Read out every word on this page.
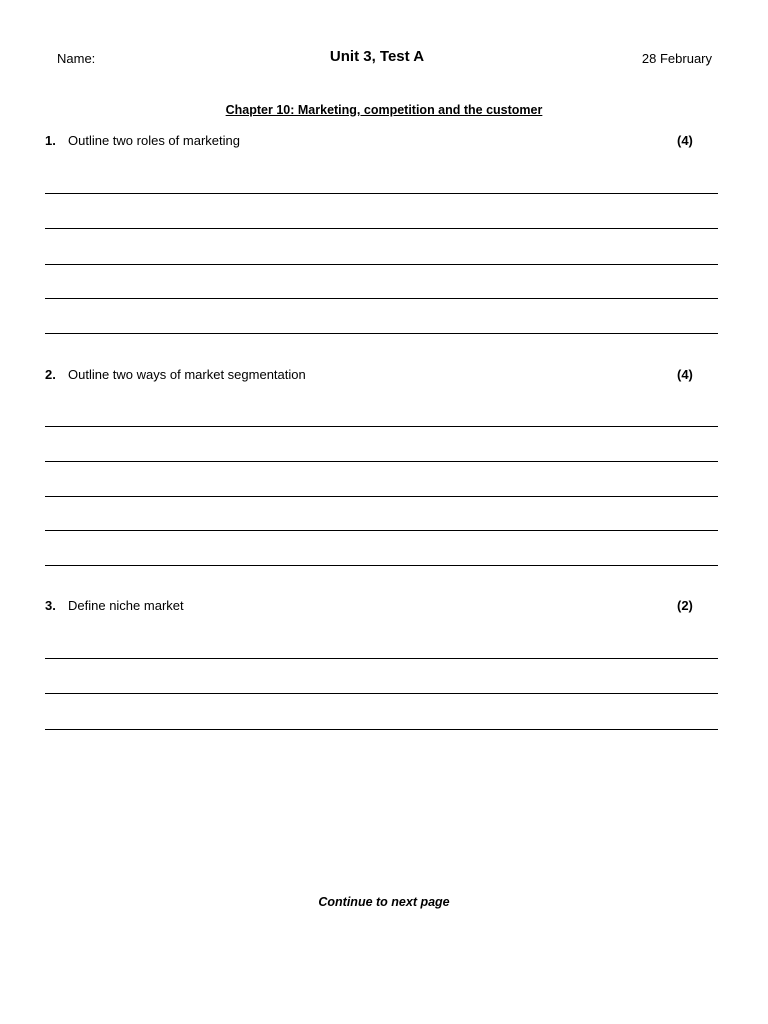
Name:	Unit 3, Test A	28 February
Chapter 10: Marketing, competition and the customer
1. Outline two roles of marketing	(4)
2. Outline two ways of market segmentation	(4)
3. Define niche market	(2)
Continue to next page
